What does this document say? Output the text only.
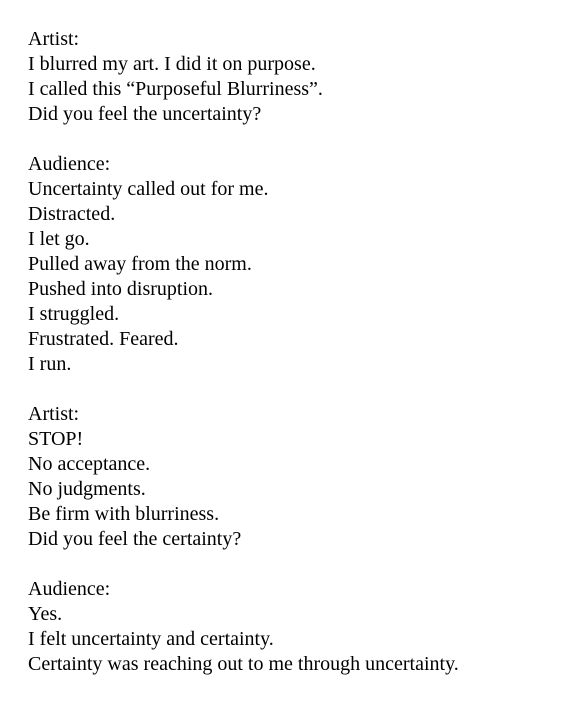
Artist:
I blurred my art. I did it on purpose.
I called this “Purposeful Blurriness”.
Did you feel the uncertainty?
Audience:
Uncertainty called out for me.
Distracted.
I let go.
Pulled away from the norm.
Pushed into disruption.
I struggled.
Frustrated. Feared.
I run.
Artist:
STOP!
No acceptance.
No judgments.
Be firm with blurriness.
Did you feel the certainty?
Audience:
Yes.
I felt uncertainty and certainty.
Certainty was reaching out to me through uncertainty.
